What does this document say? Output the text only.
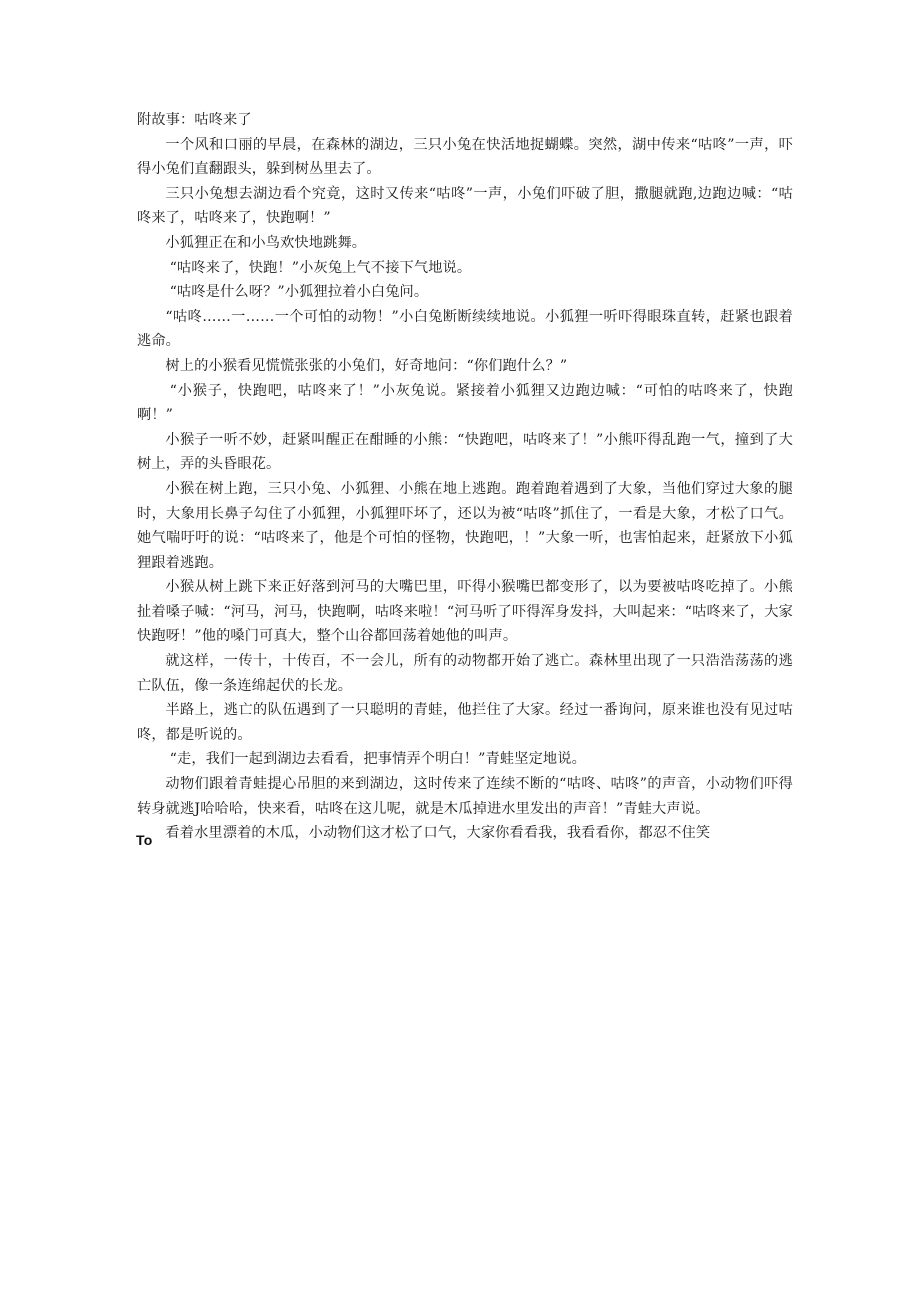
附故事：咕咚来了

一个风和口丽的早晨，在森林的湖边，三只小兔在快活地捉蝴蝶。突然，湖中传来“咕咚”一声，吓得小兔们直翻跟头，躲到树丛里去了。

三只小兔想去湖边看个究竟，这时又传来“咕咚”一声，小兔们吓破了胆，撒腿就跑,边跑边喊：“咕咚来了，咕咚来了，快跑啊！”

小狐狸正在和小鸟欢快地跳舞。

“咕咚来了，快跑！”小灰兔上气不接下气地说。

“咕咚是什么呀？”小狐狸拉着小白兔问。

“咕咚……一……一个可怕的动物！”小白兔断断续续地说。小狐狸一听吓得眼珠直转，赶紧也跟着逃命。

树上的小猴看见慌慌张张的小兔们，好奇地问：“你们跑什么？”

“小猴子，快跑吧，咕咚来了！”小灰兔说。紧接着小狐狸又边跑边喊：“可怕的咕咚来了，快跑啊！”

小猴子一听不妙，赶紧叫醒正在酣睡的小熊：“快跑吧，咕咚来了！”小熊吓得乱跑一气，撞到了大树上，弄的头昏眼花。

小猴在树上跑，三只小兔、小狐狸、小熊在地上逃跑。跑着跑着遇到了大象，当他们穿过大象的腿时，大象用长鼻子勾住了小狐狸，小狐狸吓坏了，还以为被“咕咚”抓住了，一看是大象，才松了口气。她气喘吁吁的说：“咕咚来了，他是个可怕的怪物，快跑吧，！”大象一听，也害怕起来，赶紧放下小狐狸跟着逃跑。

小猴从树上跳下来正好落到河马的大嘴巴里，吓得小猴嘴巴都变形了，以为要被咕咚吃掉了。小熊扯着嗓子喊：“河马，河马，快跑啊，咕咚来啦！“河马听了吓得浑身发抖，大叫起来：“咕咚来了，大家快跑呀！”他的嗓门可真大，整个山谷都回荡着她他的叫声。

就这样，一传十，十传百，不一会儿，所有的动物都开始了逃亡。森林里出现了一只浩浩荡荡的逃亡队伍，像一条连绵起伏的长龙。

半路上，逃亡的队伍遇到了一只聪明的青蛙，他拦住了大家。经过一番询问，原来谁也没有见过咕咚，都是听说的。

“走，我们一起到湖边去看看，把事情弄个明白！”青蛙坚定地说。

动物们跟着青蛙提心吊胆的来到湖边，这时传来了连续不断的“咕咚、咕咚”的声音，小动物们吓得转身就逃J哈哈哈，快来看，咕咚在这儿呢，就是木瓜掉进水里发出的声音！”青蛙大声说。

看着水里漂着的木瓜，小动物们这才松了口气，大家你看看我，我看看你，都忍不住笑

To
